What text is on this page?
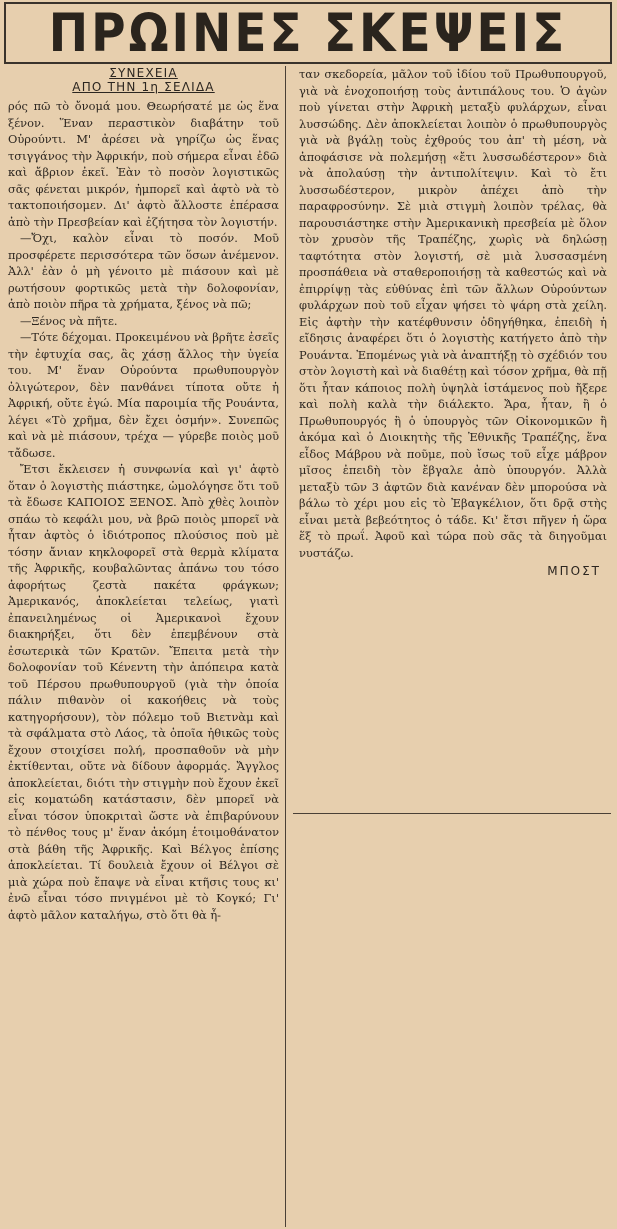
ΠΡΩΙΝΕΣ ΣΚΕΨΕΙΣ
ΣΥΝΕΧΕΙΑ
ΑΠΟ ΤΗΝ 1η ΣΕΛΙΔΑ

ρός πῶ τὸ ὄνομά μου. Θεωρήσατέ με ὡς ἕνα ξένον. Ἕναν περαστικὸν διαβάτην τοῦ Οὐρούντι. Μ' ἀρέσει νὰ γηρίζω ὡς ἕνας τσιγγάνος τὴν Ἀφρικήν, ποὺ σήμερα εἶναι ἐδῶ καὶ ἄβριον ἐκεῖ. Ἐὰν τὸ ποσὸν λογιστικῶς σᾶς φένεται μικρόν, ἠμπορεῖ καὶ ἀφτὸ νὰ τὸ τακτοποιήσομεν. Δι' ἀφτὸ ἄλλοστε ἐπέρασα ἀπὸ τὴν Πρεσβείαν καὶ ἐζήτησα τὸν λογιστήν.

—Ὄχι, καλὸν εἶναι τὸ ποσόν. Μοῦ προσφέρετε περισσότερα τῶν ὅσων ἀνέμενον. Ἀλλ' ἐὰν ὁ μὴ γένοιτο μὲ πιάσουν καὶ μὲ ρωτήσουν φορτικῶς μετὰ τὴν δολοφονίαν, ἀπὸ ποιὸν πῆρα τὰ χρήματα, ξένος νὰ πῶ;

—Ξένος νὰ πῆτε.

—Τότε δέχομαι. Προκειμένου νὰ βρῆτε ἐσεῖς τὴν ἐφτυχία σας, ἂς χάσῃ ἄλλος τὴν ὑγεία του. Μ' ἕναν Οὐρούντα πρωθυπουργὸν ὀλιγώτερον, δὲν πανθάνει τίποτα οὔτε ἡ Ἀφρική, οὔτε ἐγώ. Μία παροιμία τῆς Ρουάντα, λέγει «Τὸ χρῆμα, δὲν ἔχει ὀσμήν». Συνεπῶς καὶ νὰ μὲ πιάσουν, τρέχα — γύρεβε ποιὸς μοῦ τἄδωσε.

Ἔτσι ἔκλεισεν ἡ συνφωνία καὶ γι' ἀφτὸ ὅταν ὁ λογιστὴς πιάστηκε, ὡμολόγησε ὅτι τοῦ τὰ ἔδωσε ΚΑΠΟΙΟΣ ΞΕΝΟΣ. Ἀπὸ χθὲς λοιπὸν σπάω τὸ κεφάλι μου, νὰ βρῶ ποιὸς μπορεῖ νὰ ἦταν ἀφτὸς ὁ ἰδιότροπος πλούσιος ποὺ μὲ τόσην ἄνιαν κηκλοφορεῖ στὰ θερμὰ κλίματα τῆς Ἀφρικῆς, κουβαλῶντας ἀπάνω του τόσο ἀφορήτως ζεστὰ πακέτα φράγκων; Ἀμερικανός, ἀποκλείεται τελείως, γιατὶ ἐπανειλημένως οἱ Ἀμερικανοὶ ἔχουν διακηρήξει, ὅτι δὲν ἐπεμβένουν στὰ ἐσωτερικὰ τῶν Κρατῶν. Ἔπειτα μετὰ τὴν δολοφονίαν τοῦ Κένεντη τὴν ἀπόπειρα κατὰ τοῦ Πέρσου πρωθυπουργοῦ (γιὰ τὴν ὁποία πάλιν πιθανὸν οἱ κακοήθεις νὰ τοὺς κατηγορήσουν), τὸν πόλεμο τοῦ Βιετνὰμ καὶ τὰ σφάλματα στὸ Λάος, τὰ ὁποῖα ἠθικῶς τοὺς ἔχουν στοιχίσει πολή, προσπαθοῦν νὰ μὴν ἐκτίθενται, οὔτε νὰ δίδουν ἀφορμάς. Ἄγγλος ἀποκλείεται, διότι τὴν στιγμὴν ποὺ ἔχουν ἐκεῖ εἰς κοματώδη κατάστασιν, δὲν μπορεῖ νὰ εἶναι τόσον ὑποκριταὶ ὥστε νὰ ἐπιβαρύνουν τὸ πένθος τους μ' ἕναν ἀκόμη ἑτοιμοθάνατον στὰ βάθη τῆς Ἀφρικῆς. Καὶ Βέλγος ἐπίσης ἀποκλείεται. Τί δουλειὰ ἔχουν οἱ Βέλγοι σὲ μιὰ χώρα ποὺ ἔπαψε νὰ εἶναι κτῆσις τους κι' ἐνῶ εἶναι τόσο πνιγμένοι μὲ τὸ Κογκό; Γι' ἀφτὸ μᾶλον καταλήγω, στὸ ὅτι θὰ ἦ-

ταν σκεδορεία, μᾶλον τοῦ ἰδίου τοῦ Πρωθυπουργοῦ, γιὰ νὰ ἐνοχοποιήσῃ τοὺς ἀντιπάλους του. Ὁ ἀγὼν ποὺ γίνεται στὴν Ἀφρικὴ μεταξὺ φυλάρχων, εἶναι λυσσώδης. Δὲν ἀποκλείεται λοιπὸν ὁ πρωθυπουργὸς γιὰ νὰ βγάλῃ τοὺς ἐχθρούς του ἀπ' τὴ μέση, νὰ ἀποφάσισε νὰ πολεμήσῃ «ἔτι λυσσωδέστερον» διὰ νὰ ἀπολαύσῃ τὴν ἀντιπολίτεψιν. Καὶ τὸ ἔτι λυσσωδέστερον, μικρὸν ἀπέχει ἀπὸ τὴν παραφροσύνην. Σὲ μιὰ στιγμὴ λοιπὸν τρέλας, θὰ παρουσιάστηκε στὴν Ἀμερικανικὴ πρεσβεία μὲ ὅλον τὸν χρυσὸν τῆς Τραπέζης, χωρὶς νὰ δηλώσῃ ταφτότητα στὸν λογιστή, σὲ μιὰ λυσσασμένη προσπάθεια νὰ σταθεροποιήσῃ τὰ καθεστώς καὶ νὰ ἐπιρρίψῃ τὰς εὐθύνας ἐπὶ τῶν ἄλλων Οὐρούντων φυλάρχων ποὺ τοῦ εἶχαν ψήσει τὸ ψάρη στὰ χείλη. Εἰς ἀφτὴν τὴν κατέφθυνσιν ὀδηγήθηκα, ἐπειδὴ ἡ εἴδησις ἀναφέρει ὅτι ὁ λογιστὴς κατήγετο ἀπὸ τὴν Ρουάντα. Ἐπομένως γιὰ νὰ ἀναπτήξῃ τὸ σχέδιόν του στὸν λογιστὴ καὶ νὰ διαθέτῃ καὶ τόσον χρῆμα, θὰ πῇ ὅτι ἦταν κάποιος πολὴ ὑψηλὰ ἱστάμενος ποὺ ἤξερε καὶ πολὴ καλὰ τὴν διάλεκτο. Ἄρα, ἦταν, ἢ ὁ Πρωθυπουργός ἢ ὁ ὑπουργὸς τῶν Οἰκονομικῶν ἢ ἀκόμα καὶ ὁ Διοικητὴς τῆς Ἐθνικῆς Τραπέζης, ἕνα εἶδος Μάβρου νὰ ποῦμε, ποὺ ἴσως τοῦ εἶχε μάβρον μῖσος ἐπειδὴ τὸν ἔβγαλε ἀπὸ ὑπουργόν. Ἀλλὰ μεταξὺ τῶν 3 ἀφτῶν διὰ κανέναν δὲν μπορούσα νὰ βάλω τὸ χέρι μου εἰς τὸ Ἐβαγκέλιον, ὅτι δρᾷ στὴς εἶναι μετὰ βεβεότητος ὁ τάδε. Κι' ἔτσι πῆγεν ἡ ὥρα ἕξ τὸ πρωΐ. Ἀφοῦ καὶ τώρα ποὺ σᾶς τὰ διηγοῦμαι νυστάζω.

ΜΠΟΣΤ
